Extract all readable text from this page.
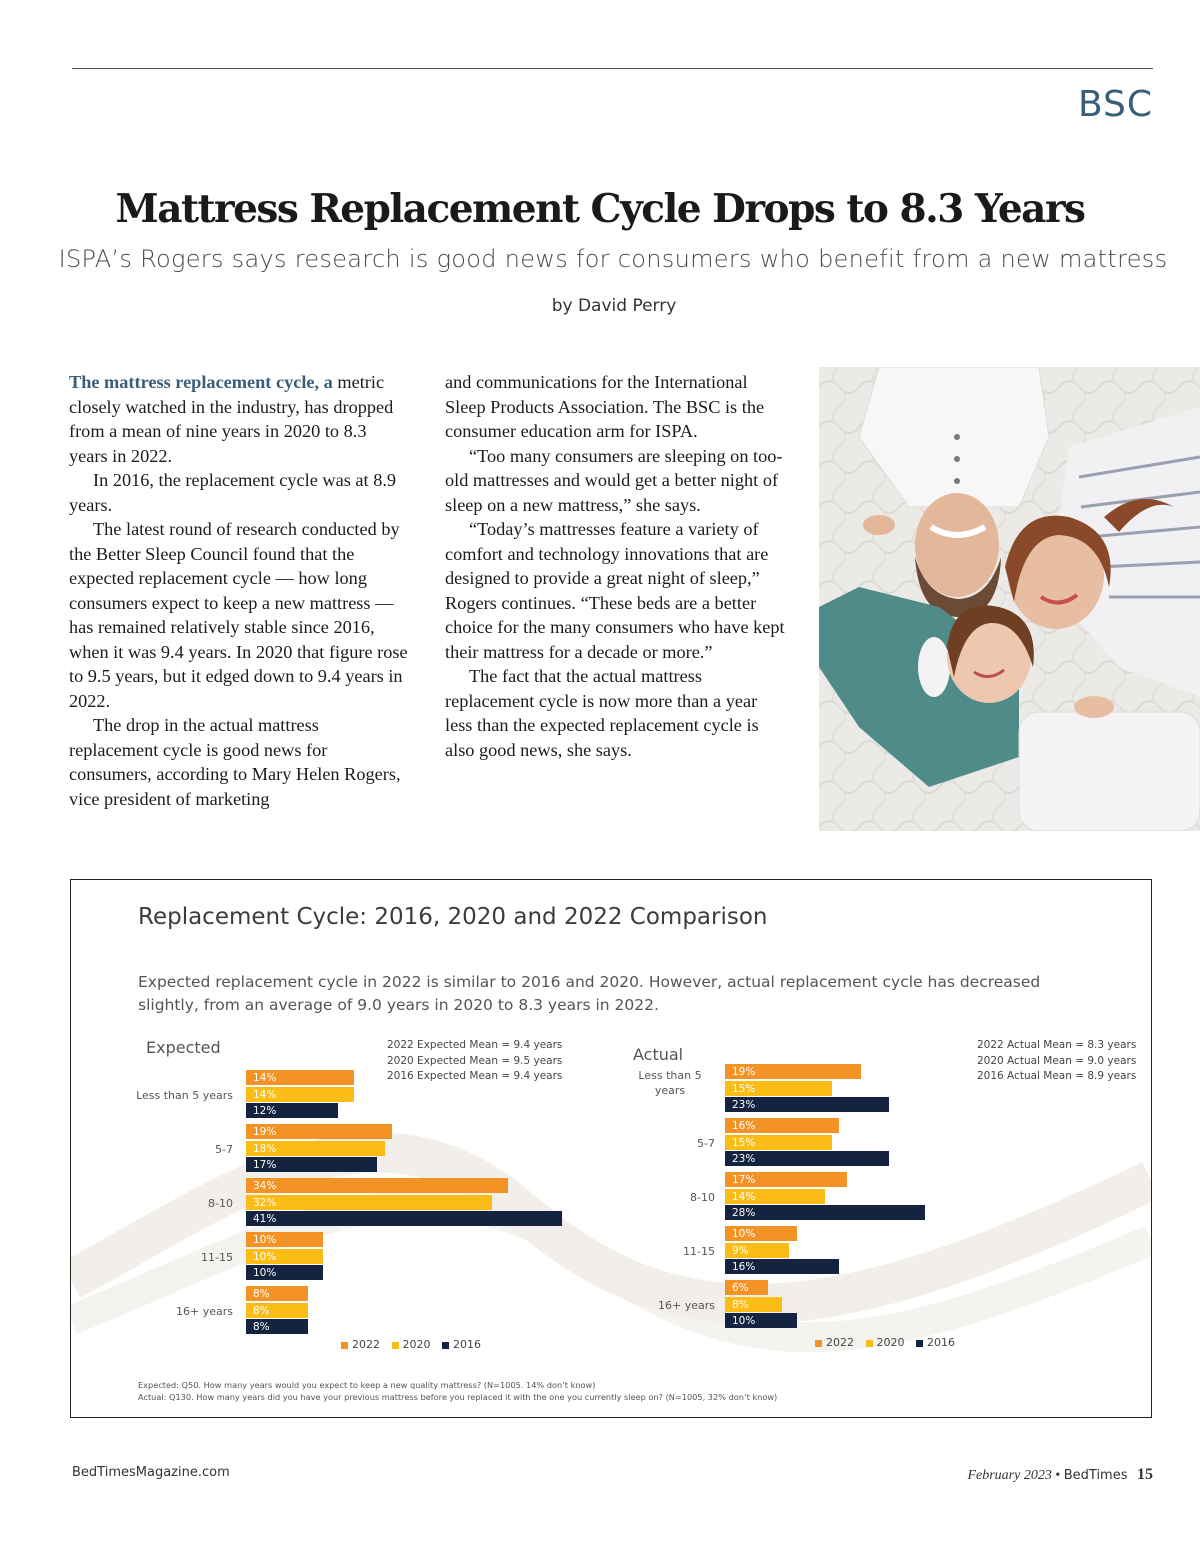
BSC
Mattress Replacement Cycle Drops to 8.3 Years
ISPA’s Rogers says research is good news for consumers who benefit from a new mattress
by David Perry

The mattress replacement cycle, a metric closely watched in the industry, has dropped from a mean of nine years in 2020 to 8.3 years in 2022.

In 2016, the replacement cycle was at 8.9 years.

The latest round of research conducted by the Better Sleep Council found that the expected replacement cycle — how long consumers expect to keep a new mattress — has remained relatively stable since 2016, when it was 9.4 years. In 2020 that figure rose to 9.5 years, but it edged down to 9.4 years in 2022.

The drop in the actual mattress replacement cycle is good news for consumers, according to Mary Helen Rogers, vice president of marketing

and communications for the International Sleep Products Association. The BSC is the consumer education arm for ISPA.

“Too many consumers are sleeping on too-old mattresses and would get a better night of sleep on a new mattress,” she says.

“Today’s mattresses feature a variety of comfort and technology innovations that are designed to provide a great night of sleep,” Rogers continues. “These beds are a better choice for the many consumers who have kept their mattress for a decade or more.”

The fact that the actual mattress replacement cycle is now more than a year less than the expected replacement cycle is also good news, she says.

Replacement Cycle: 2016, 2020 and 2022 Comparison
Expected replacement cycle in 2022 is similar to 2016 and 2020. However, actual replacement cycle has decreased slightly, from an average of 9.0 years in 2020 to 8.3 years in 2022.
Expected	2022 Expected Mean = 9.4 years
2020 Expected Mean = 9.5 years
2016 Expected Mean = 9.4 years
Less than 5 years
14%
14%
12%
5-7
19%
18%
17%
8-10
34%
32%
41%
11-15
10%
10%
10%
16+ years
8%
8%
8%
Actual	2022 Actual Mean = 8.3 years
2020 Actual Mean = 9.0 years
2016 Actual Mean = 8.9 years
Less than 5 years
19%
15%
23%
5-7
16%
15%
23%
8-10
17%
14%
28%
11-15
10%
9%
16%
16+ years
6%
8%
10%
2022 2020 2016	2022 2020 2016
Expected: Q50. How many years would you expect to keep a new quality mattress? (N=1005. 14% don’t know)
Actual: Q130. How many years did you have your previous mattress before you replaced it with the one you currently sleep on? (N=1005, 32% don’t know)
BedTimesMagazine.com	February 2023 • BedTimes 15
